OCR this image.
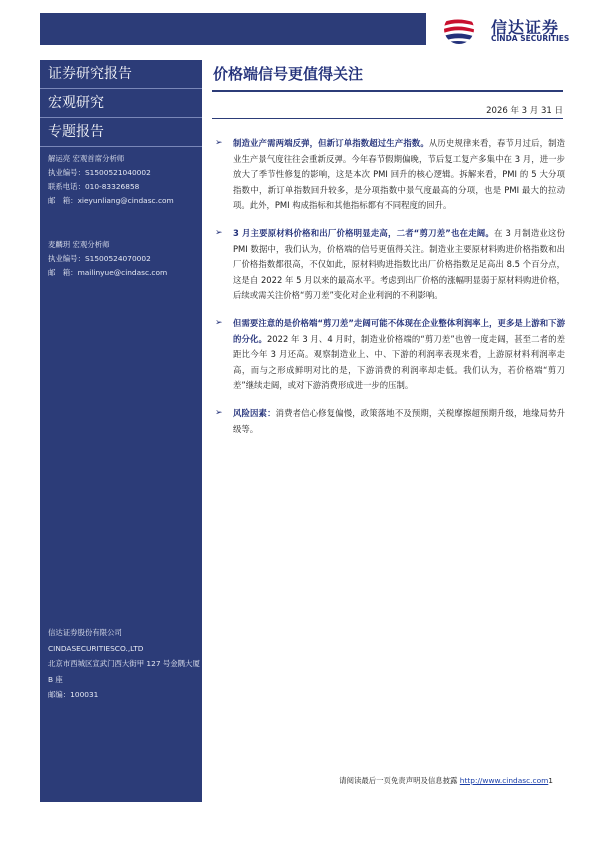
信达证券
CINDA SECURITIES
证券研究报告
宏观研究
专题报告
解运亮 宏观首席分析师
执业编号：S1500521040002
联系电话：010-83326858
邮　箱：xieyunliang@cindasc.com
麦麟玥 宏观分析师
执业编号：S1500524070002
邮　箱：mailinyue@cindasc.com
信达证券股份有限公司
CINDASECURITIESCO.,LTD
北京市西城区宣武门西大街甲 127 号金隅大厦 B 座
邮编：100031
价格端信号更值得关注
2026 年 3 月 31 日
➢ 制造业产需两端反弹，但新订单指数超过生产指数。从历史规律来看，春节月过后，制造业生产景气度往往会重新反弹。今年春节假期偏晚，节后复工复产多集中在 3 月，进一步放大了季节性修复的影响，这是本次 PMI 回升的核心逻辑。拆解来看，PMI 的 5 大分项指数中，新订单指数回升较多，是分项指数中景气度最高的分项，也是 PMI 最大的拉动项。此外，PMI 构成指标和其他指标都有不同程度的回升。
➢ 3 月主要原材料价格和出厂价格明显走高，二者“剪刀差”也在走阔。在 3 月制造业这份 PMI 数据中，我们认为，价格端的信号更值得关注。制造业主要原材料购进价格指数和出厂价格指数都很高，不仅如此，原材料购进指数比出厂价格指数足足高出 8.5 个百分点，这是自 2022 年 5 月以来的最高水平。考虑到出厂价格的涨幅明显弱于原材料购进价格，后续或需关注价格“剪刀差”变化对企业利润的不利影响。
➢ 但需要注意的是价格端“剪刀差”走阔可能不体现在企业整体利润率上，更多是上游和下游的分化。2022 年 3 月、4 月时，制造业价格端的“剪刀差”也曾一度走阔，甚至二者的差距比今年 3 月还高。观察制造业上、中、下游的利润率表现来看，上游原材料利润率走高，而与之形成鲜明对比的是，下游消费的利润率却走低。我们认为，若价格端“剪刀差”继续走阔，或对下游消费形成进一步的压制。
➢ 风险因素：消费者信心修复偏慢，政策落地不及预期，关税摩擦超预期升级，地缘局势升级等。
请阅读最后一页免责声明及信息披露 http://www.cindasc.com1
